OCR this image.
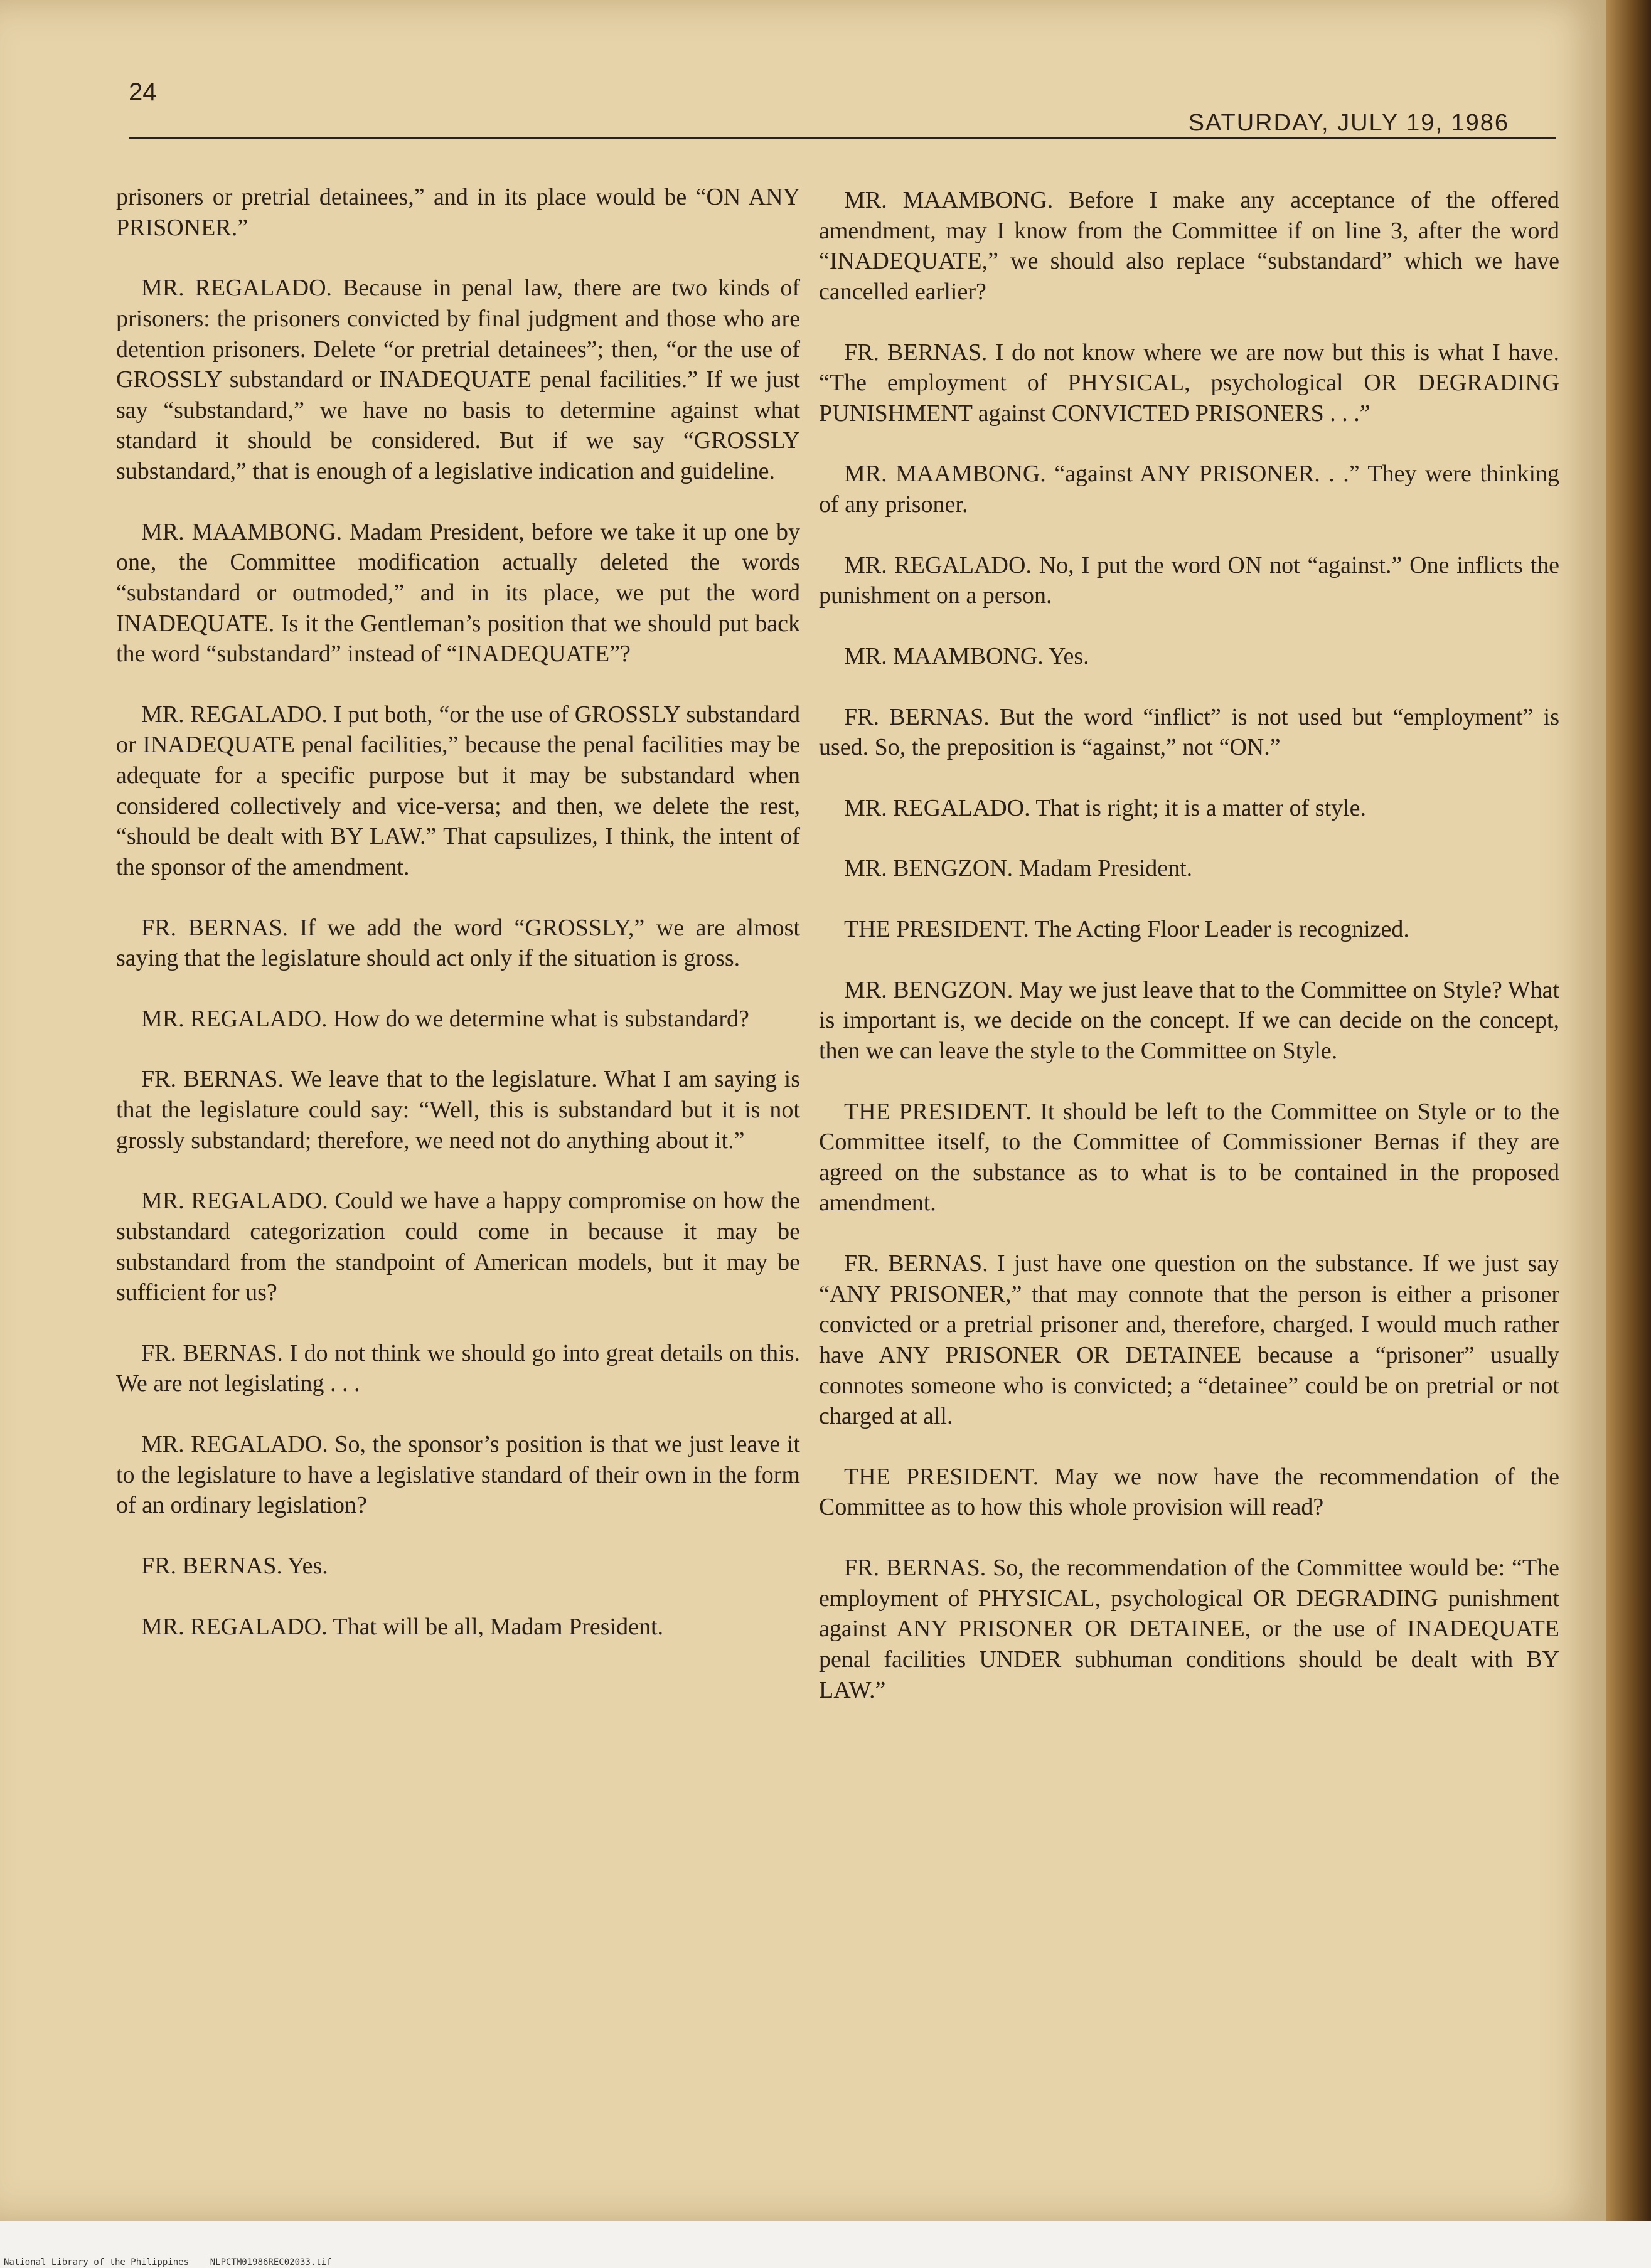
24
SATURDAY, JULY 19, 1986

prisoners or pretrial detainees,” and in its place would be “ON ANY PRISONER.”

MR. REGALADO. Because in penal law, there are two kinds of prisoners: the prisoners convicted by final judgment and those who are detention prisoners. Delete “or pretrial detainees”; then, “or the use of GROSSLY substandard or INADEQUATE penal facilities.” If we just say “substandard,” we have no basis to determine against what standard it should be considered. But if we say “GROSSLY substandard,” that is enough of a legislative indication and guideline.

MR. MAAMBONG. Madam President, before we take it up one by one, the Committee modification actually deleted the words “substandard or outmoded,” and in its place, we put the word INADEQUATE. Is it the Gentleman’s position that we should put back the word “substandard” instead of “INADEQUATE”?

MR. REGALADO. I put both, “or the use of GROSSLY substandard or INADEQUATE penal facilities,” because the penal facilities may be adequate for a specific purpose but it may be substandard when considered collectively and vice-versa; and then, we delete the rest, “should be dealt with BY LAW.” That capsulizes, I think, the intent of the sponsor of the amendment.

FR. BERNAS. If we add the word “GROSSLY,” we are almost saying that the legislature should act only if the situation is gross.

MR. REGALADO. How do we determine what is substandard?

FR. BERNAS. We leave that to the legislature. What I am saying is that the legislature could say: “Well, this is substandard but it is not grossly substandard; therefore, we need not do anything about it.”

MR. REGALADO. Could we have a happy compromise on how the substandard categorization could come in because it may be substandard from the standpoint of American models, but it may be sufficient for us?

FR. BERNAS. I do not think we should go into great details on this. We are not legislating . . .

MR. REGALADO. So, the sponsor’s position is that we just leave it to the legislature to have a legislative standard of their own in the form of an ordinary legislation?

FR. BERNAS. Yes.

MR. REGALADO. That will be all, Madam President.

MR. MAAMBONG. Before I make any acceptance of the offered amendment, may I know from the Committee if on line 3, after the word “INADEQUATE,” we should also replace “substandard” which we have cancelled earlier?

FR. BERNAS. I do not know where we are now but this is what I have. “The employment of PHYSICAL, psychological OR DEGRADING PUNISHMENT against CONVICTED PRISONERS . . .”

MR. MAAMBONG. “against ANY PRISONER. . .” They were thinking of any prisoner.

MR. REGALADO. No, I put the word ON not “against.” One inflicts the punishment on a person.

MR. MAAMBONG. Yes.

FR. BERNAS. But the word “inflict” is not used but “employment” is used. So, the preposition is “against,” not “ON.”

MR. REGALADO. That is right; it is a matter of style.

MR. BENGZON. Madam President.

THE PRESIDENT. The Acting Floor Leader is recognized.

MR. BENGZON. May we just leave that to the Committee on Style? What is important is, we decide on the concept. If we can decide on the concept, then we can leave the style to the Committee on Style.

THE PRESIDENT. It should be left to the Committee on Style or to the Committee itself, to the Committee of Commissioner Bernas if they are agreed on the substance as to what is to be contained in the proposed amendment.

FR. BERNAS. I just have one question on the substance. If we just say “ANY PRISONER,” that may connote that the person is either a prisoner convicted or a pretrial prisoner and, therefore, charged. I would much rather have ANY PRISONER OR DETAINEE because a “prisoner” usually connotes someone who is convicted; a “detainee” could be on pretrial or not charged at all.

THE PRESIDENT. May we now have the recommendation of the Committee as to how this whole provision will read?

FR. BERNAS. So, the recommendation of the Committee would be: “The employment of PHYSICAL, psychological OR DEGRADING punishment against ANY PRISONER OR DETAINEE, or the use of INADEQUATE penal facilities UNDER subhuman conditions should be dealt with BY LAW.”

National Library of the Philippines    NLPCTM01986REC02033.tif
